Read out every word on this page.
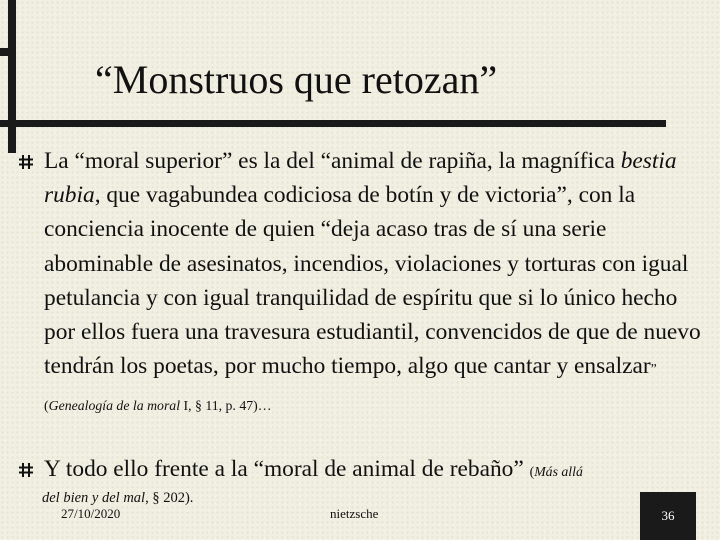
“Monstruos que retozan”
La “moral superior” es la del “animal de rapiña, la magnífica bestia rubia, que vagabundea codiciosa de botín y de victoria”, con la conciencia inocente de quien “deja acaso tras de sí una serie abominable de asesinatos, incendios, violaciones y torturas con igual petulancia y con igual tranquilidad de espíritu que si lo único hecho por ellos fuera una travesura estudiantil, convencidos de que de nuevo tendrán los poetas, por mucho tiempo, algo que cantar y ensalzar” (Genealogía de la moral I, § 11, p. 47)…
Y todo ello frente a la “moral de animal de rebaño” (Más allá
del bien y del mal, § 202).
27/10/2020	nietzsche	36
